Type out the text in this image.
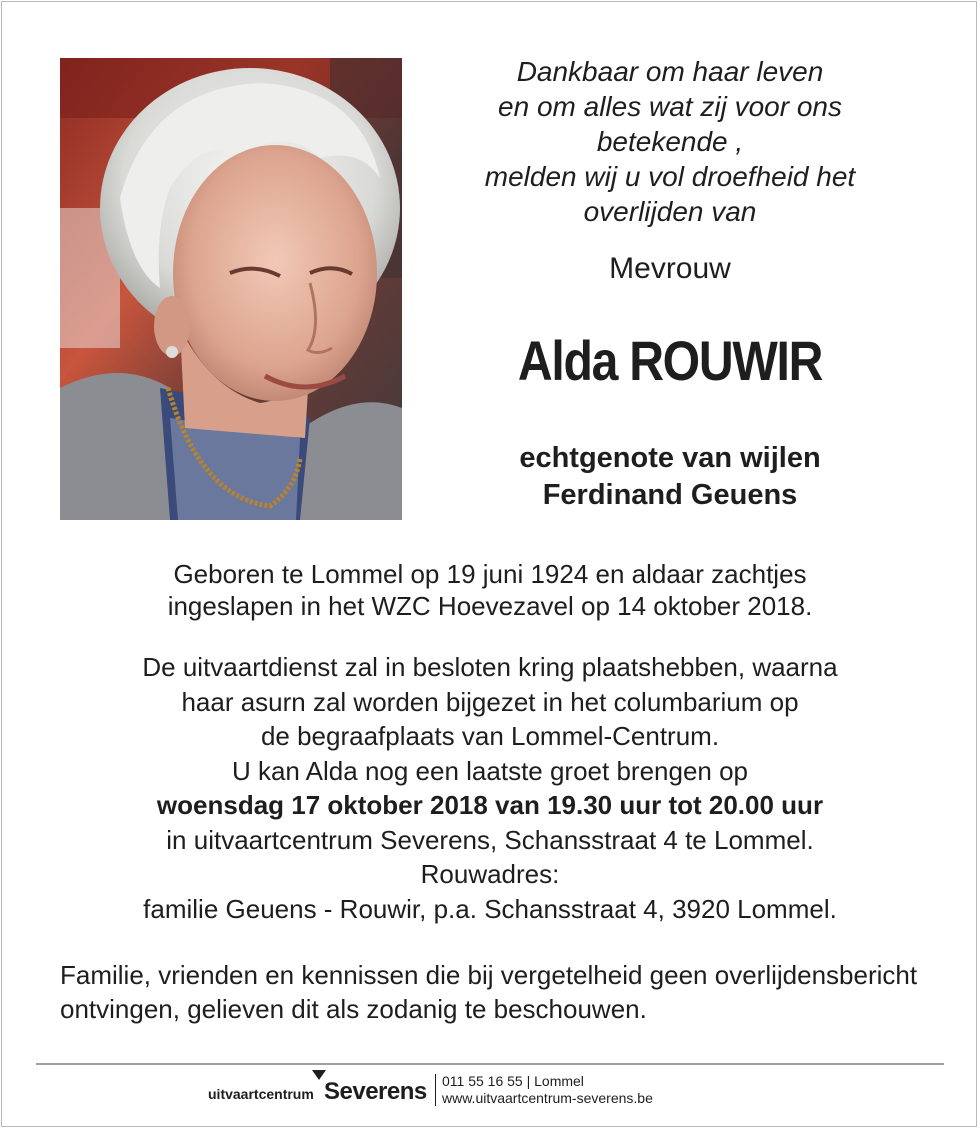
Dankbaar om haar leven
en om alles wat zij voor ons
betekende ,
melden wij u vol droefheid het
overlijden van
Mevrouw
Alda ROUWIR
echtgenote van wijlen
Ferdinand Geuens
Geboren te Lommel op 19 juni 1924 en aldaar zachtjes
ingeslapen in het WZC Hoevezavel op 14 oktober 2018.
De uitvaartdienst zal in besloten kring plaatshebben, waarna
haar asurn zal worden bijgezet in het columbarium op
de begraafplaats van Lommel-Centrum.
U kan Alda nog een laatste groet brengen op
woensdag 17 oktober 2018 van 19.30 uur tot 20.00 uur
in uitvaartcentrum Severens, Schansstraat 4 te Lommel.
Rouwadres:
familie Geuens - Rouwir, p.a. Schansstraat 4, 3920 Lommel.
Familie, vrienden en kennissen die bij vergetelheid geen overlijdensbericht ontvingen, gelieven dit als zodanig te beschouwen.
uitvaartcentrum Severens 011 55 16 55 | Lommel
www.uitvaartcentrum-severens.be
